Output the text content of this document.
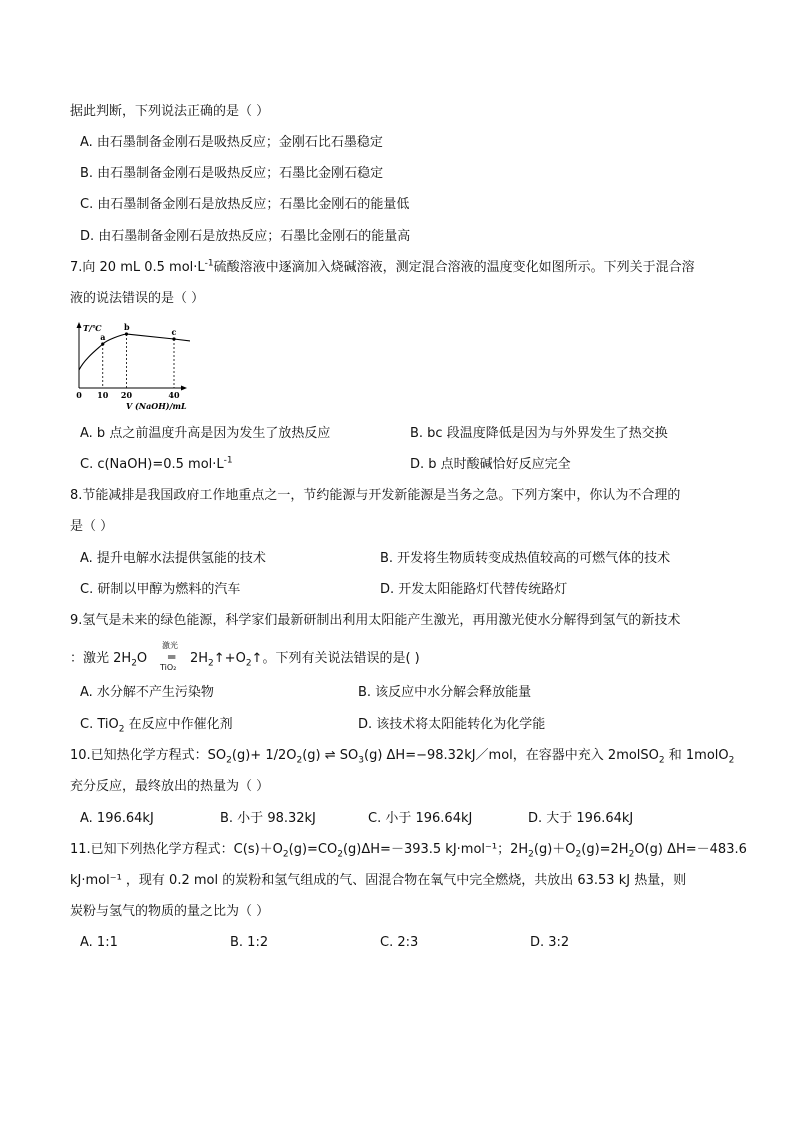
据此判断，下列说法正确的是（ ）
A. 由石墨制备金刚石是吸热反应；金刚石比石墨稳定
B. 由石墨制备金刚石是吸热反应；石墨比金刚石稳定
C. 由石墨制备金刚石是放热反应；石墨比金刚石的能量低
D. 由石墨制备金刚石是放热反应；石墨比金刚石的能量高
7.向 20 mL 0.5 $mol\cdot L^{-1}$硫酸溶液中逐滴加入烧碱溶液，测定混合溶液的温度变化如图所示。下列关于混合溶
液的说法错误的是（ ）
a
b	c
T/℃
0 10 20	40
V (NaOH)/mL
A. b 点之前温度升高是因为发生了放热反应	B. bc 段温度降低是因为与外界发生了热交换
C. c(NaOH)=0.5 $mol\cdot L^{-1}$	D. b 点时酸碱恰好反应完全
8.节能减排是我国政府工作地重点之一，节约能源与开发新能源是当务之急。下列方案中，你认为不合理的
是（ ）
A. 提升电解水法提供氢能的技术	B. 开发将生物质转变成热值较高的可燃气体的技术
C. 研制以甲醇为燃料的汽车	D. 开发太阳能路灯代替传统路灯
9.氢气是未来的绿色能源，科学家们最新研制出利用太阳能产生激光，再用激光使水分解得到氢气的新技术
：激光 $2H_2O$
激光
═
TiO₂
$2H_2↑+O_2↑$。下列有关说法错误的是( )
A. 水分解不产生污染物	B. 该反应中水分解会释放能量
C. TiO$_2$ 在反应中作催化剂	D. 该技术将太阳能转化为化学能
10.已知热化学方程式：$SO_2(g)+ 1/2O_2(g)$ ⇌ $SO_3(g)$ ΔH=−98.32kJ／mol，在容器中充入 2molSO$_2$ 和 1molO$_2$
充分反应，最终放出的热量为（ ）
A. 196.64kJ	B. 小于 98.32kJ	C. 小于 196.64kJ	D. 大于 196.64kJ
11.已知下列热化学方程式：$C(s)+O_2(g)=CO_2(g)\Delta H=-393.5$ kJ·mol⁻¹；$2H_2(g)+O_2(g)=2H_2O(g)$ ΔH=－483.6
kJ·mol⁻¹ ，现有 0.2 mol 的炭粉和氢气组成的气、固混合物在氧气中完全燃烧，共放出 63.53 kJ 热量，则
炭粉与氢气的物质的量之比为（ ）
A. 1:1	B. 1:2	C. 2:3	D. 3:2
